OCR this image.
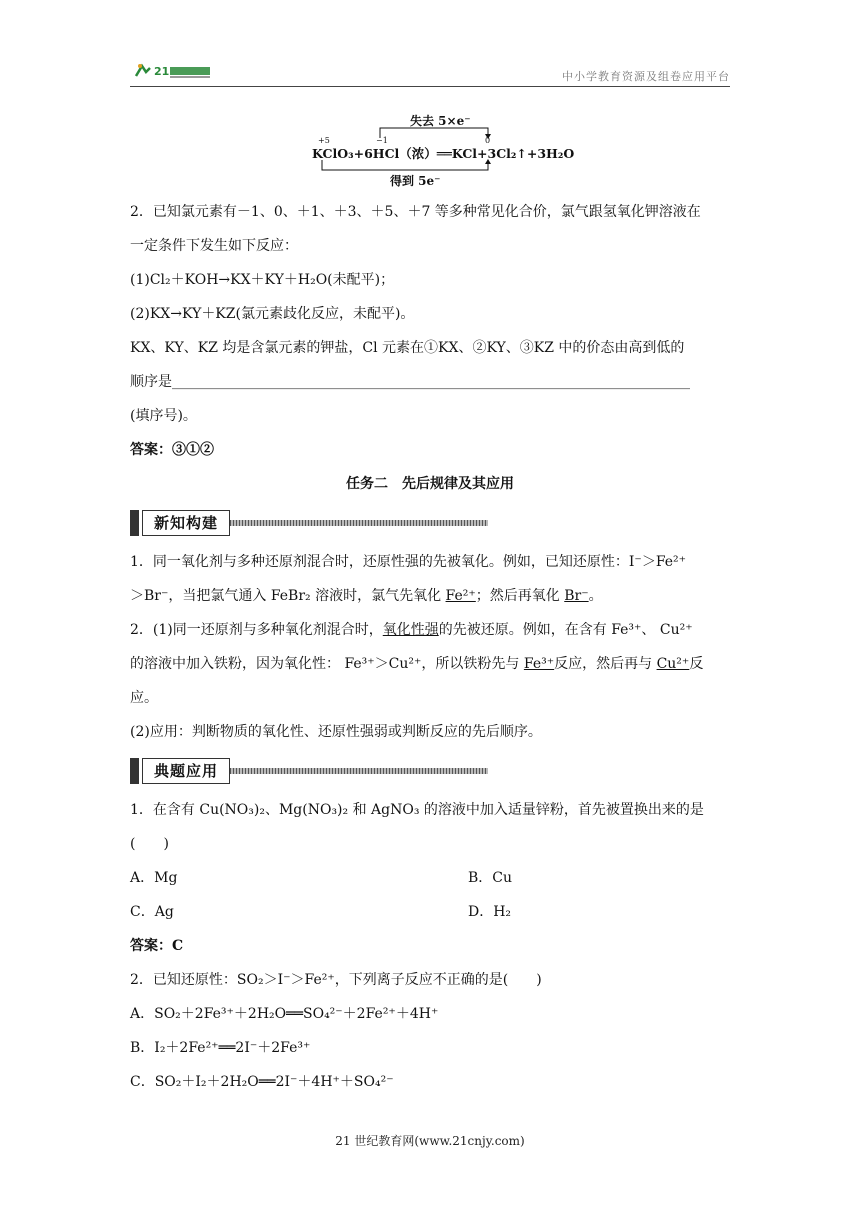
21	中小学教育资源及组卷应用平台
失去 5×e⁻
+5	−1	0
KClO₃+6HCl（浓）══KCl+3Cl₂↑+3H₂O
得到 5e⁻
2．已知氯元素有－1、0、＋1、＋3、＋5、＋7 等多种常见化合价，氯气跟氢氧化钾溶液在
一定条件下发生如下反应：
(1)Cl₂＋KOH→KX＋KY＋H₂O(未配平)；
(2)KX→KY＋KZ(氯元素歧化反应，未配平)。
KX、KY、KZ 均是含氯元素的钾盐，Cl 元素在①KX、②KY、③KZ 中的价态由高到低的
顺序是__________________________________________________________________________
(填序号)。
答案：③①②
任务二　先后规律及其应用
新知构建
1．同一氧化剂与多种还原剂混合时，还原性强的先被氧化。例如，已知还原性：I⁻＞Fe²⁺
＞Br⁻，当把氯气通入 FeBr₂ 溶液时，氯气先氧化 Fe²⁺；然后再氧化 Br⁻。
2．(1)同一还原剂与多种氧化剂混合时，氧化性强的先被还原。例如，在含有 Fe³⁺、 Cu²⁺
的溶液中加入铁粉，因为氧化性： Fe³⁺＞Cu²⁺，所以铁粉先与 Fe³⁺反应，然后再与 Cu²⁺反
应。
(2)应用：判断物质的氧化性、还原性强弱或判断反应的先后顺序。
典题应用
1．在含有 Cu(NO₃)₂、Mg(NO₃)₂ 和 AgNO₃ 的溶液中加入适量锌粉，首先被置换出来的是
(　　)
A．Mg	B．Cu
C．Ag	D．H₂
答案：C
2．已知还原性：SO₂＞I⁻＞Fe²⁺，下列离子反应不正确的是(　　)
A．SO₂＋2Fe³⁺＋2H₂O══SO₄²⁻＋2Fe²⁺＋4H⁺
B．I₂＋2Fe²⁺══2I⁻＋2Fe³⁺
C．SO₂＋I₂＋2H₂O══2I⁻＋4H⁺＋SO₄²⁻
21 世纪教育网(www.21cnjy.com)
